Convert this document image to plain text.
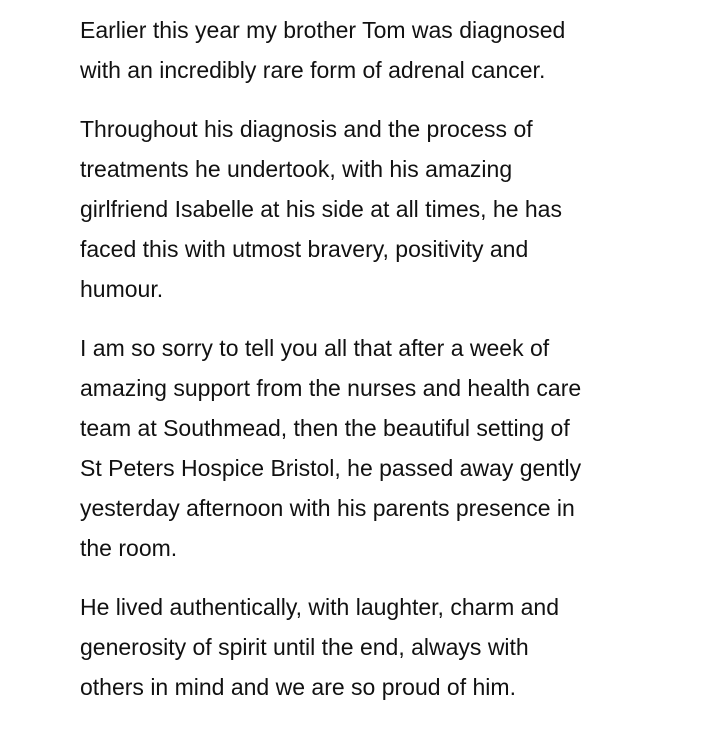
Earlier this year my brother Tom was diagnosed
with an incredibly rare form of adrenal cancer.

Throughout his diagnosis and the process of
treatments he undertook, with his amazing
girlfriend Isabelle at his side at all times, he has
faced this with utmost bravery, positivity and
humour.

I am so sorry to tell you all that after a week of
amazing support from the nurses and health care
team at Southmead, then the beautiful setting of
St Peters Hospice Bristol, he passed away gently
yesterday afternoon with his parents presence in
the room.

He lived authentically, with laughter, charm and
generosity of spirit until the end, always with
others in mind and we are so proud of him.
